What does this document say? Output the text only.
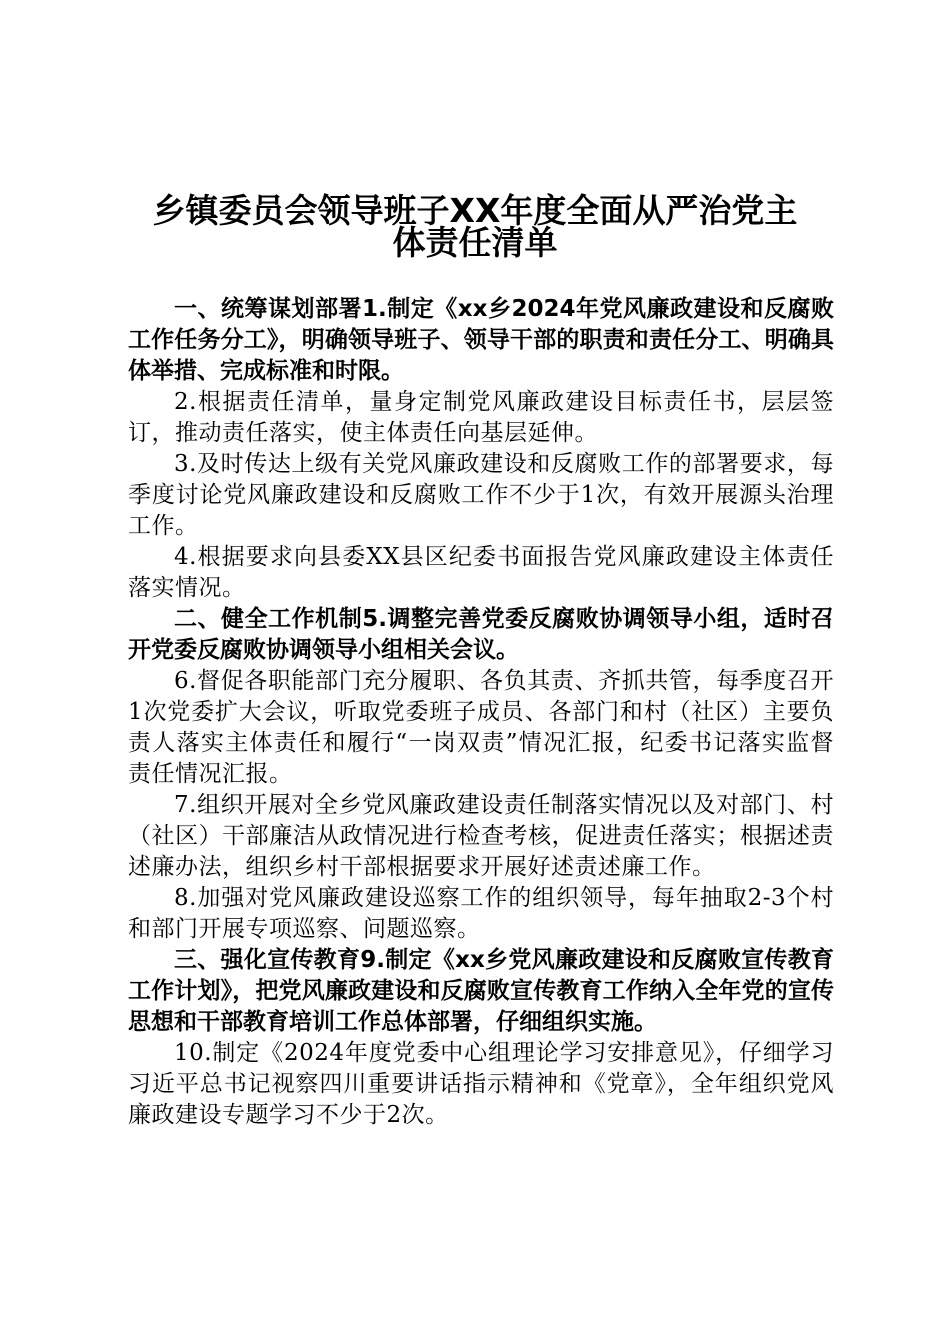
乡镇委员会领导班子XX年度全面从严治党主
体责任清单

一、统筹谋划部署1.制定《xx乡2024年党风廉政建设和反腐败工作任务分工》，明确领导班子、领导干部的职责和责任分工、明确具体举措、完成标准和时限。

2.根据责任清单，量身定制党风廉政建设目标责任书，层层签订，推动责任落实，使主体责任向基层延伸。

3.及时传达上级有关党风廉政建设和反腐败工作的部署要求，每季度讨论党风廉政建设和反腐败工作不少于1次，有效开展源头治理工作。

4.根据要求向县委XX县区纪委书面报告党风廉政建设主体责任落实情况。

二、健全工作机制5.调整完善党委反腐败协调领导小组，适时召开党委反腐败协调领导小组相关会议。

6.督促各职能部门充分履职、各负其责、齐抓共管，每季度召开1次党委扩大会议，听取党委班子成员、各部门和村（社区）主要负责人落实主体责任和履行“一岗双责”情况汇报，纪委书记落实监督责任情况汇报。

7.组织开展对全乡党风廉政建设责任制落实情况以及对部门、村（社区）干部廉洁从政情况进行检查考核，促进责任落实；根据述责述廉办法，组织乡村干部根据要求开展好述责述廉工作。

8.加强对党风廉政建设巡察工作的组织领导，每年抽取2-3个村和部门开展专项巡察、问题巡察。

三、强化宣传教育9.制定《xx乡党风廉政建设和反腐败宣传教育工作计划》，把党风廉政建设和反腐败宣传教育工作纳入全年党的宣传思想和干部教育培训工作总体部署，仔细组织实施。

10.制定《2024年度党委中心组理论学习安排意见》，仔细学习习近平总书记视察四川重要讲话指示精神和《党章》，全年组织党风廉政建设专题学习不少于2次。
